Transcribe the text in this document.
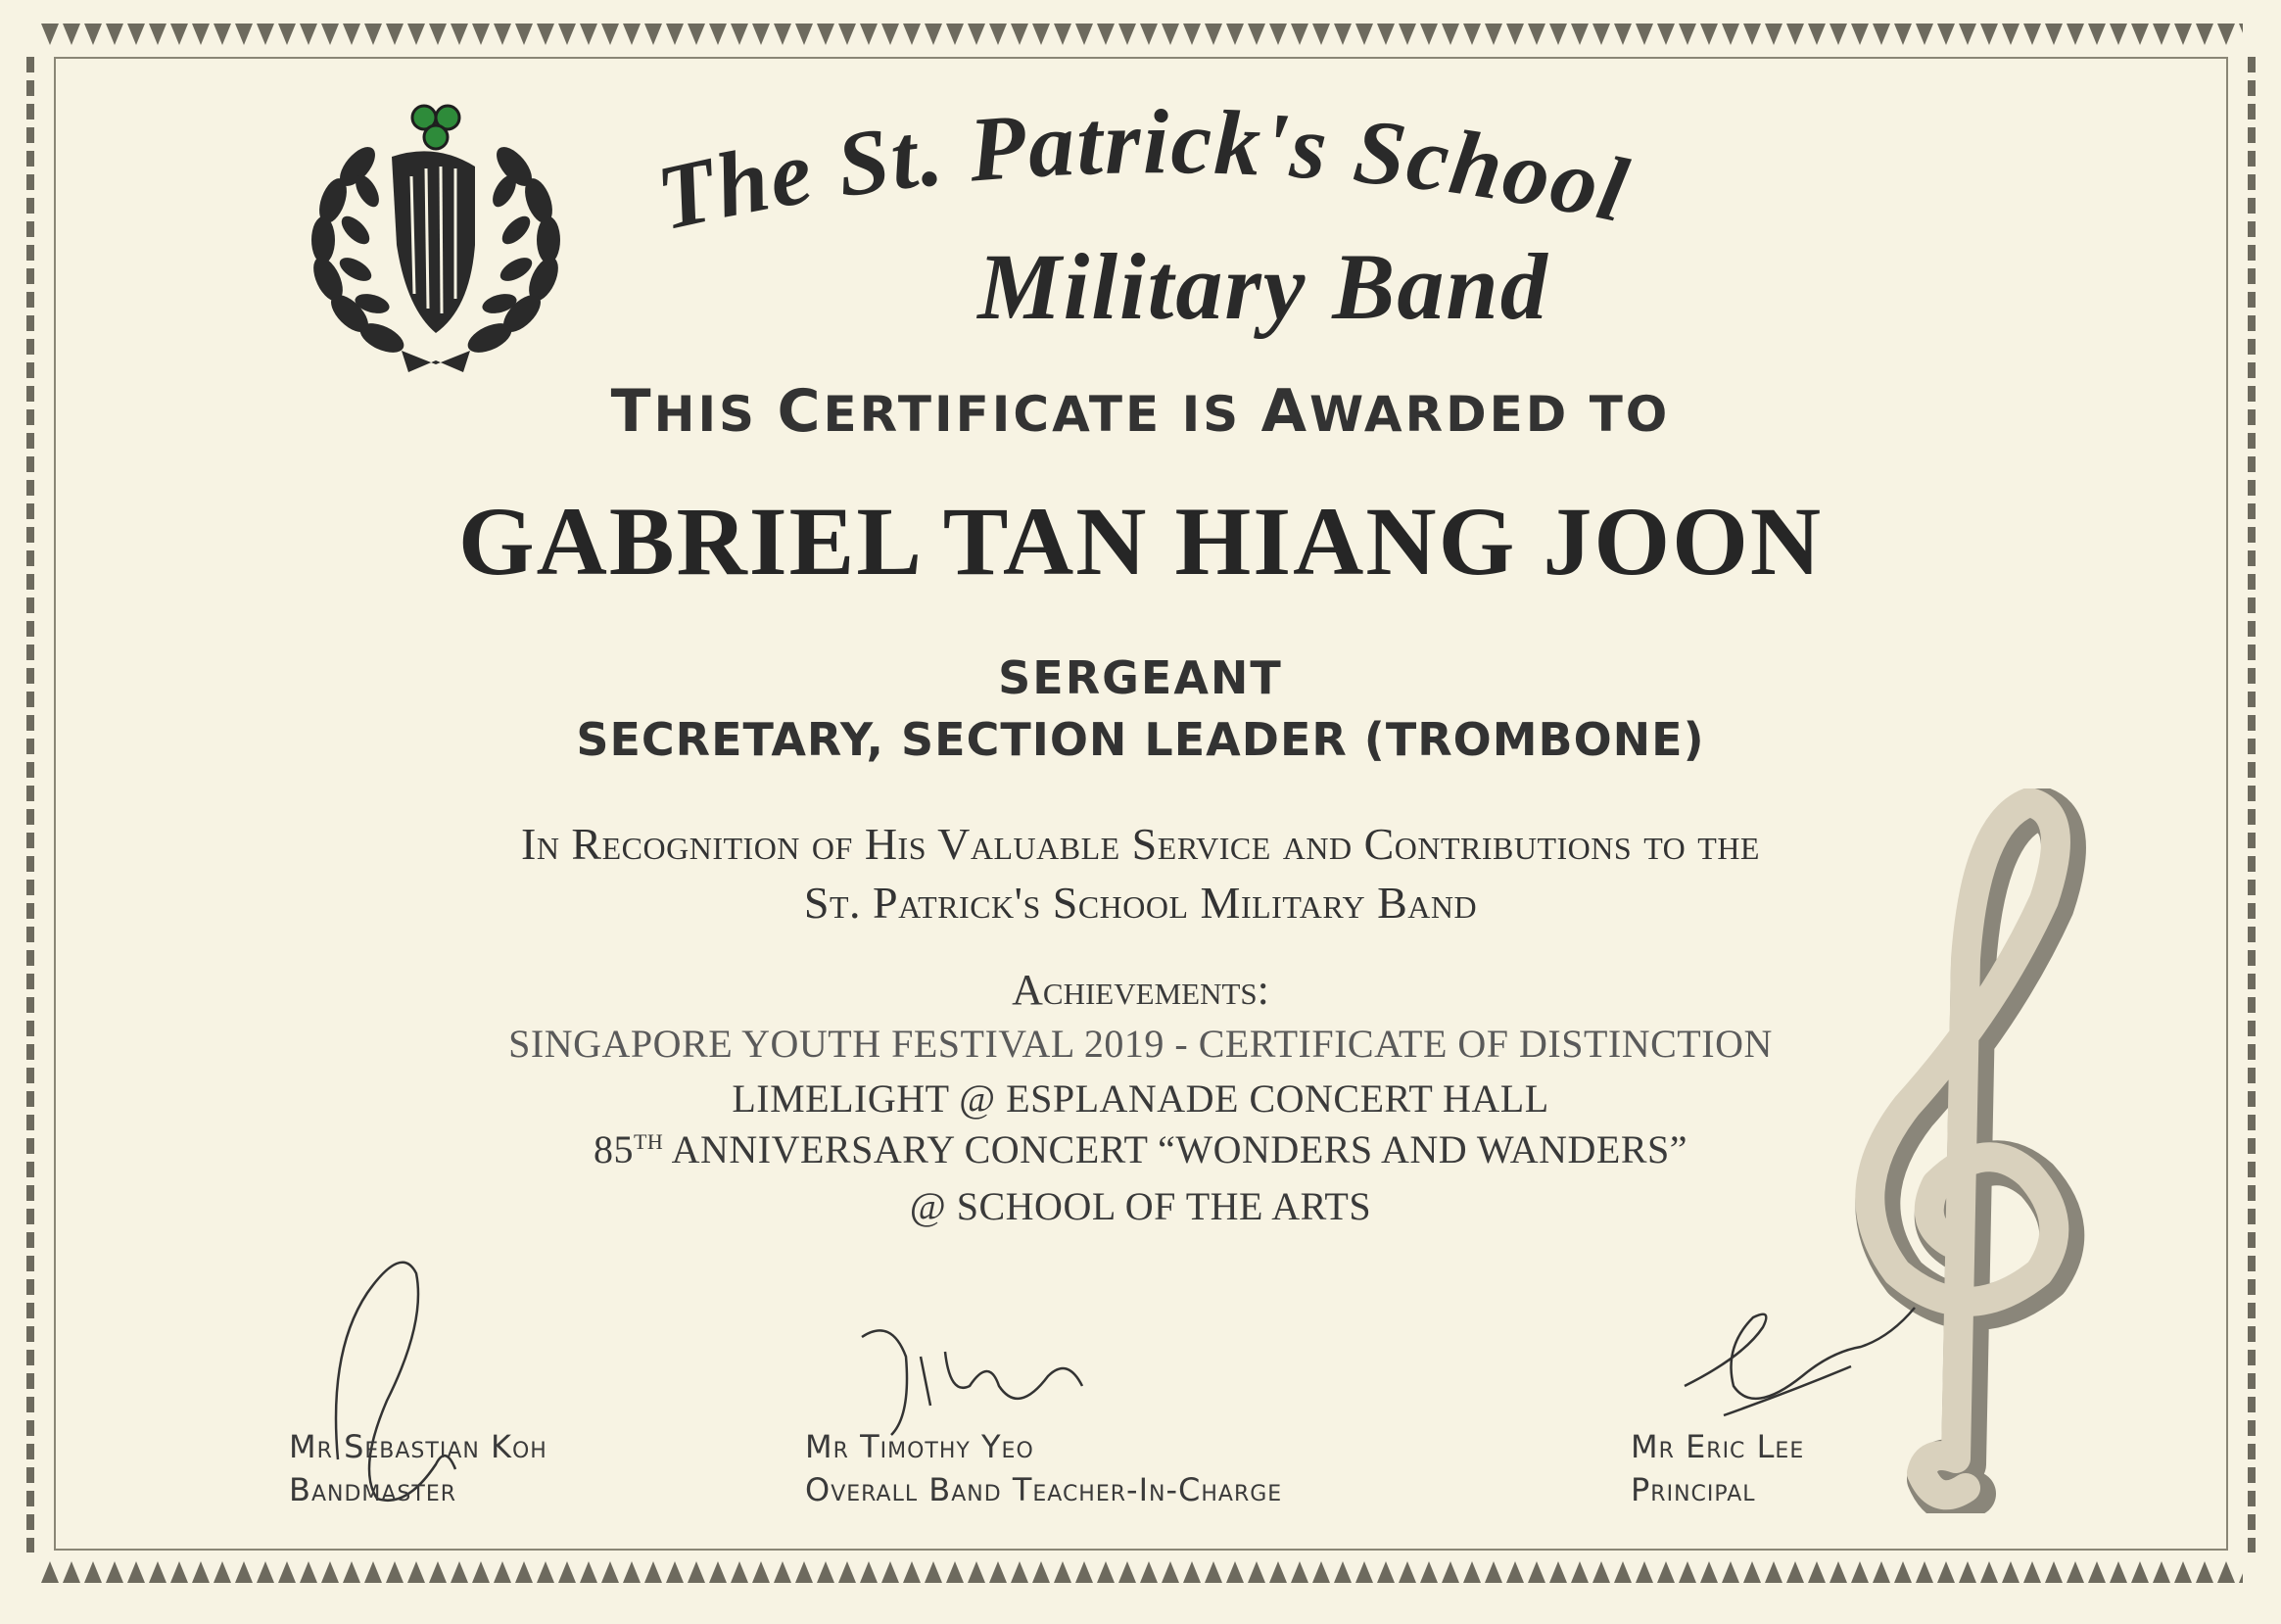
The St. Patrick's School
Military Band
THIS CERTIFICATE IS AWARDED TO
GABRIEL TAN HIANG JOON
SERGEANT
SECRETARY, SECTION LEADER (TROMBONE)
In Recognition of His Valuable Service and Contributions to the
St. Patrick's School Military Band
Achievements:
SINGAPORE YOUTH FESTIVAL 2019 - CERTIFICATE OF DISTINCTION
LIMELIGHT @ ESPLANADE CONCERT HALL
85TH ANNIVERSARY CONCERT “WONDERS AND WANDERS”
@ SCHOOL OF THE ARTS
Mr Sebastian Koh
Bandmaster
Mr Timothy Yeo
Overall Band Teacher-In-Charge
Mr Eric Lee
Principal
